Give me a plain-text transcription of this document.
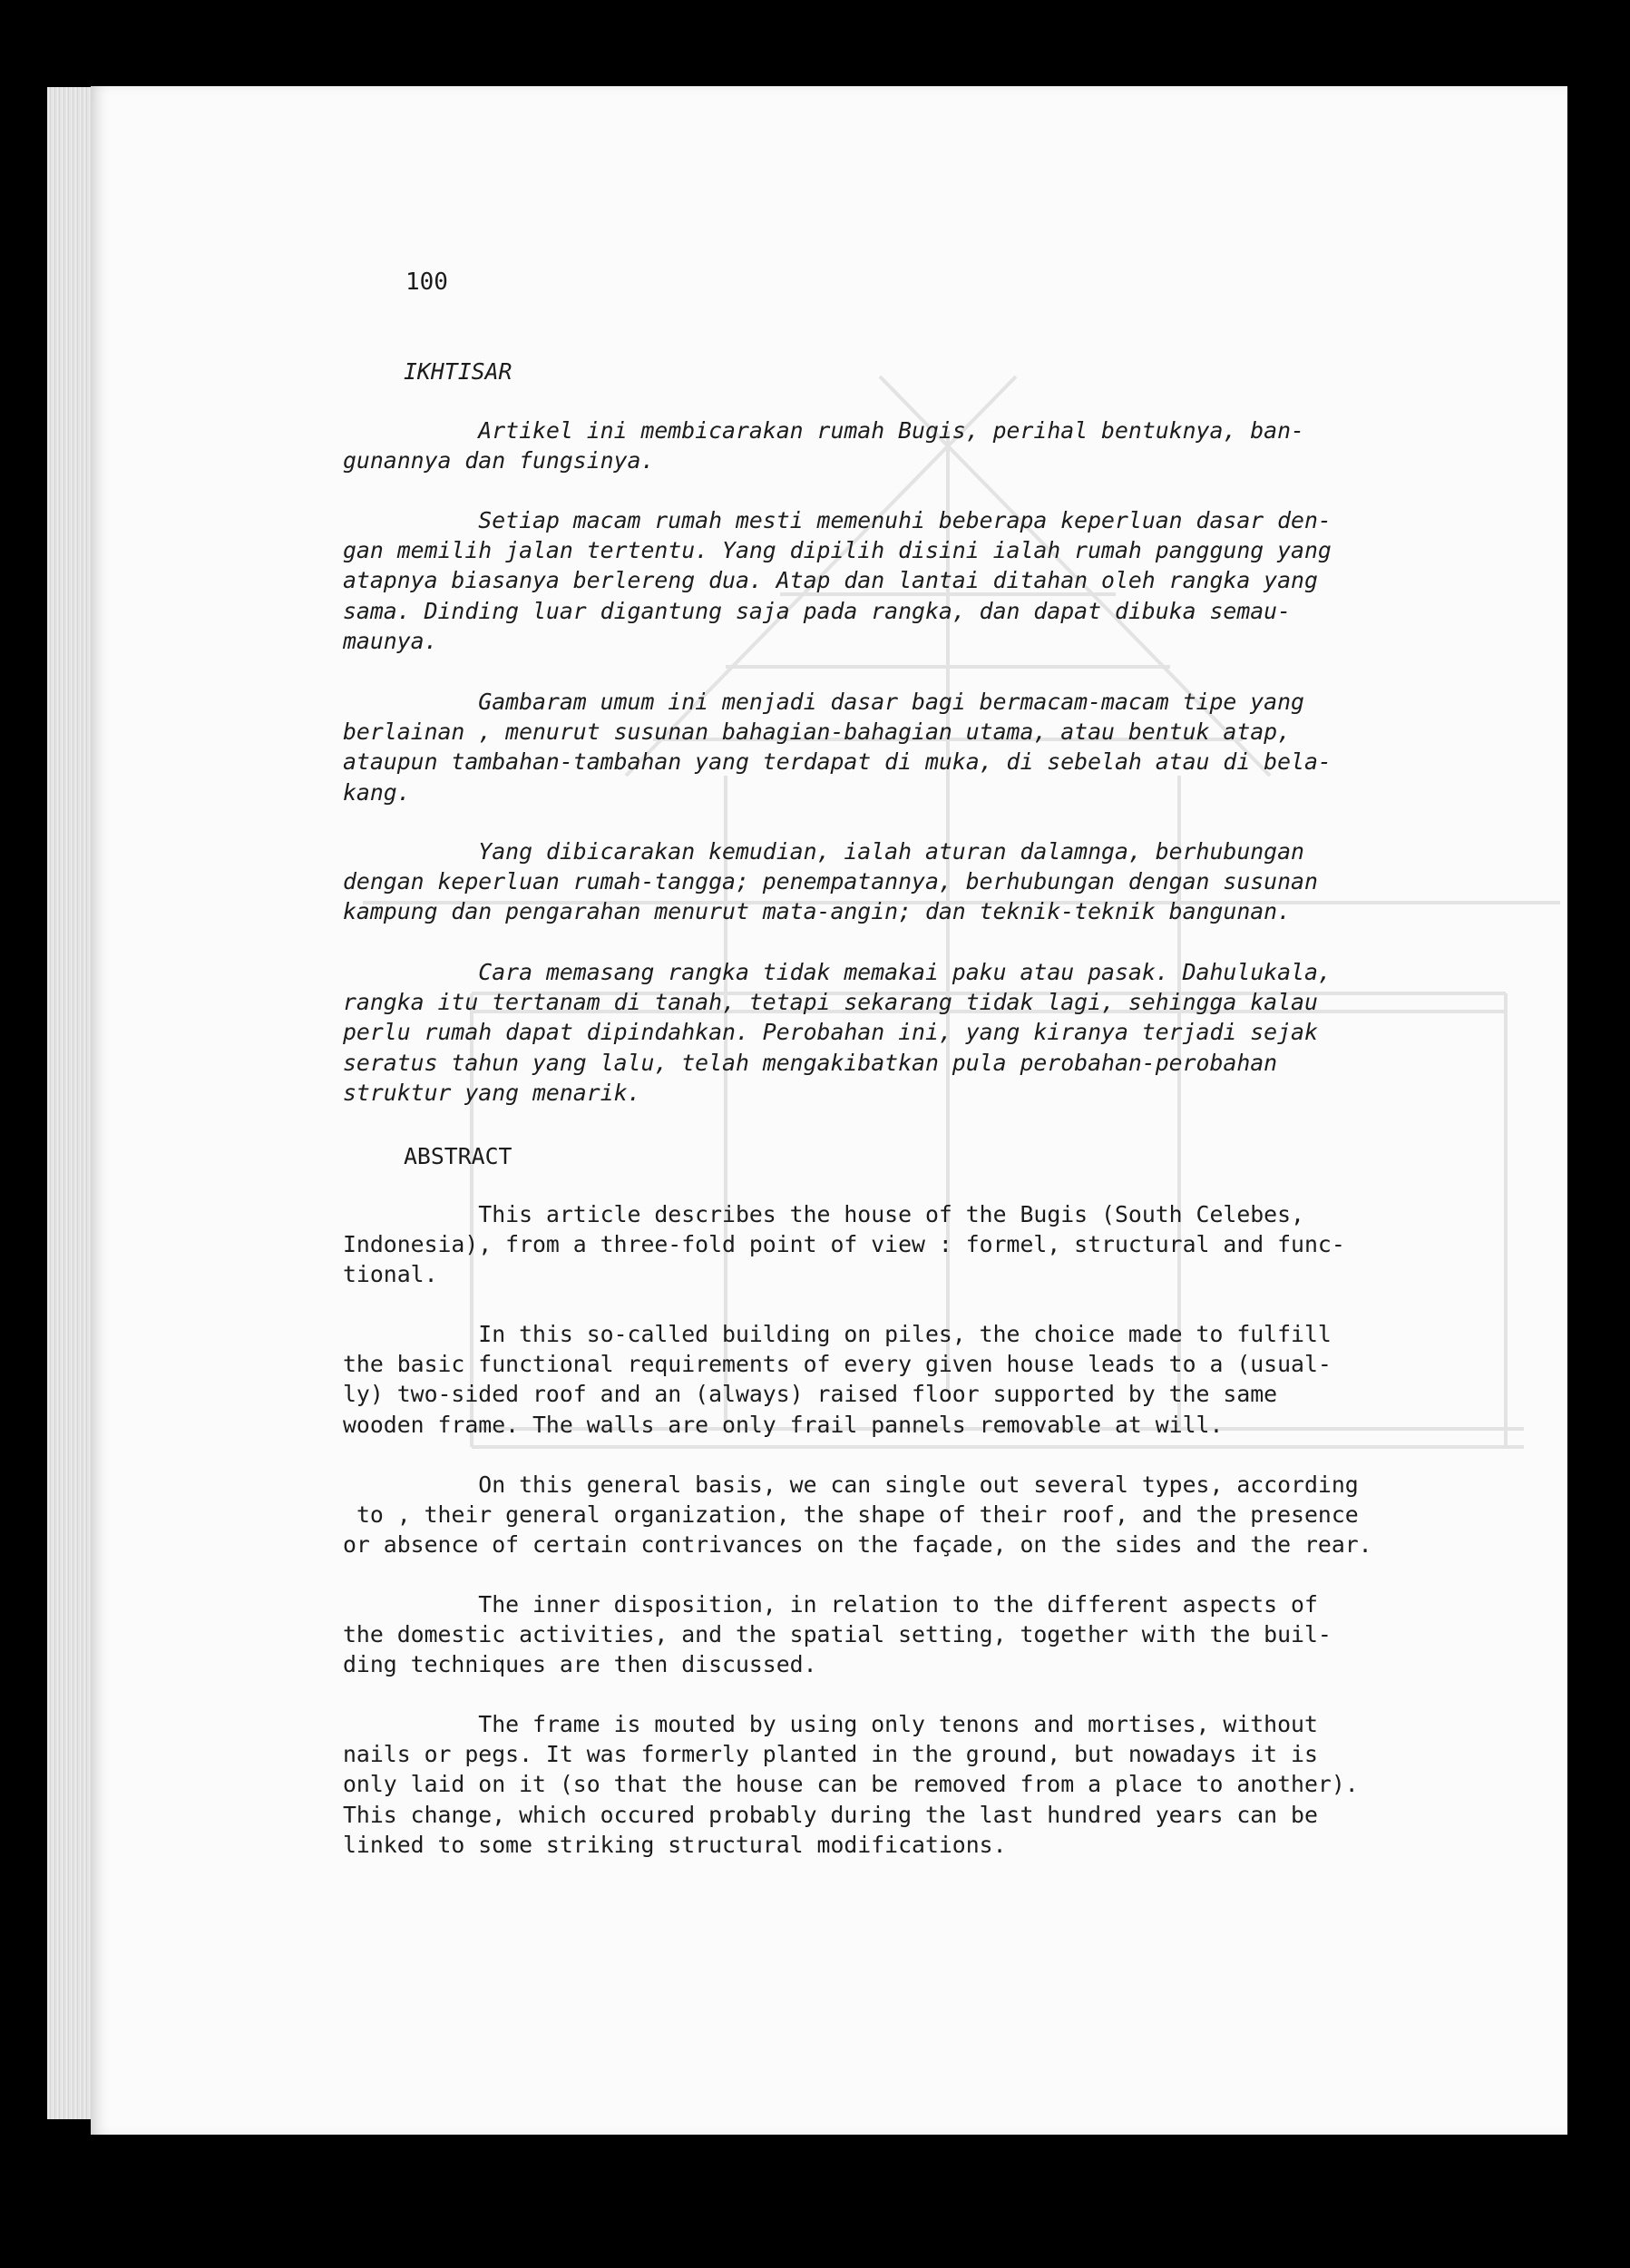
100
IKHTISAR

Artikel ini membicarakan rumah Bugis, perihal bentuknya, ban-
gunannya dan fungsinya.

Setiap macam rumah mesti memenuhi beberapa keperluan dasar den-
gan memilih jalan tertentu. Yang dipilih disini ialah rumah panggung yang
atapnya biasanya berlereng dua. Atap dan lantai ditahan oleh rangka yang
sama. Dinding luar digantung saja pada rangka, dan dapat dibuka semau-
maunya.

Gambaram umum ini menjadi dasar bagi bermacam-macam tipe yang
berlainan , menurut susunan bahagian-bahagian utama, atau bentuk atap,
ataupun tambahan-tambahan yang terdapat di muka, di sebelah atau di bela-
kang.

Yang dibicarakan kemudian, ialah aturan dalamnga, berhubungan
dengan keperluan rumah-tangga; penempatannya, berhubungan dengan susunan
kampung dan pengarahan menurut mata-angin; dan teknik-teknik bangunan.

Cara memasang rangka tidak memakai paku atau pasak. Dahulukala,
rangka itu tertanam di tanah, tetapi sekarang tidak lagi, sehingga kalau
perlu rumah dapat dipindahkan. Perobahan ini, yang kiranya terjadi sejak
seratus tahun yang lalu, telah mengakibatkan pula perobahan-perobahan
struktur yang menarik.

ABSTRACT

This article describes the house of the Bugis (South Celebes,
Indonesia), from a three-fold point of view : formel, structural and func-
tional.

In this so-called building on piles, the choice made to fulfill
the basic functional requirements of every given house leads to a (usual-
ly) two-sided roof and an (always) raised floor supported by the same
wooden frame. The walls are only frail pannels removable at will.

On this general basis, we can single out several types, according
to , their general organization, the shape of their roof, and the presence
or absence of certain contrivances on the façade, on the sides and the rear.

The inner disposition, in relation to the different aspects of
the domestic activities, and the spatial setting, together with the buil-
ding techniques are then discussed.

The frame is mouted by using only tenons and mortises, without
nails or pegs. It was formerly planted in the ground, but nowadays it is
only laid on it (so that the house can be removed from a place to another).
This change, which occured probably during the last hundred years can be
linked to some striking structural modifications.
